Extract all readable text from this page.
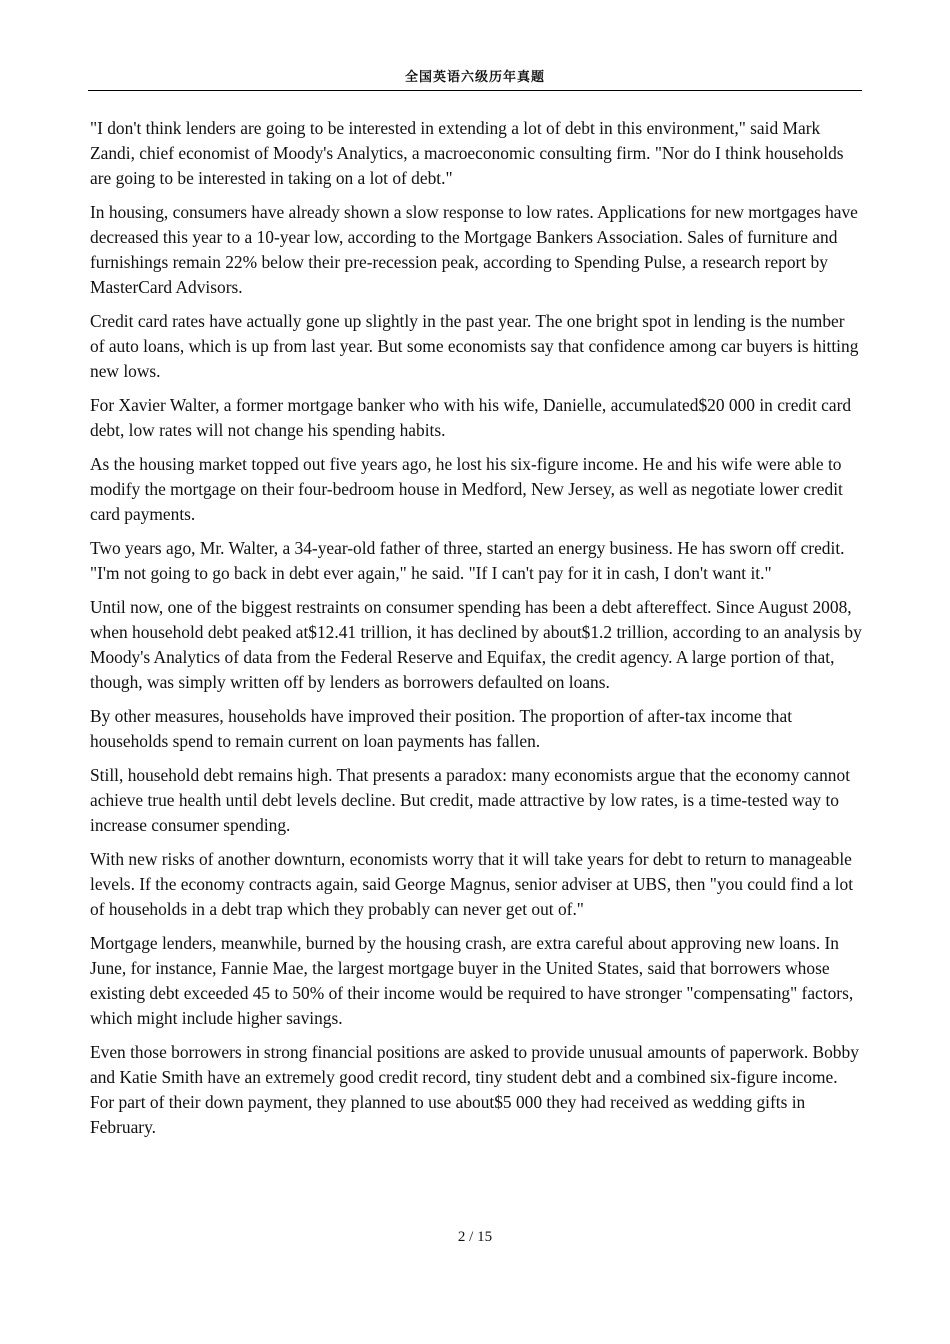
全国英语六级历年真题

"I don't think lenders are going to be interested in extending a lot of debt in this environment," said Mark Zandi, chief economist of Moody's Analytics, a macroeconomic consulting firm. "Nor do I think households are going to be interested in taking on a lot of debt."

In housing, consumers have already shown a slow response to low rates. Applications for new mortgages have decreased this year to a 10-year low, according to the Mortgage Bankers Association. Sales of furniture and furnishings remain 22% below their pre-recession peak, according to Spending Pulse, a research report by MasterCard Advisors.

Credit card rates have actually gone up slightly in the past year. The one bright spot in lending is the number of auto loans, which is up from last year. But some economists say that confidence among car buyers is hitting new lows.

For Xavier Walter, a former mortgage banker who with his wife, Danielle, accumulated$20 000 in credit card debt, low rates will not change his spending habits.

As the housing market topped out five years ago, he lost his six-figure income. He and his wife were able to modify the mortgage on their four-bedroom house in Medford, New Jersey, as well as negotiate lower credit card payments.

Two years ago, Mr. Walter, a 34-year-old father of three, started an energy business. He has sworn off credit. "I'm not going to go back in debt ever again," he said. "If I can't pay for it in cash, I don't want it."

Until now, one of the biggest restraints on consumer spending has been a debt aftereffect. Since August 2008, when household debt peaked at$12.41 trillion, it has declined by about$1.2 trillion, according to an analysis by Moody's Analytics of data from the Federal Reserve and Equifax, the credit agency. A large portion of that, though, was simply written off by lenders as borrowers defaulted on loans.

By other measures, households have improved their position. The proportion of after-tax income that households spend to remain current on loan payments has fallen.

Still, household debt remains high. That presents a paradox: many economists argue that the economy cannot achieve true health until debt levels decline. But credit, made attractive by low rates, is a time-tested way to increase consumer spending.

With new risks of another downturn, economists worry that it will take years for debt to return to manageable levels. If the economy contracts again, said George Magnus, senior adviser at UBS, then "you could find a lot of households in a debt trap which they probably can never get out of."

Mortgage lenders, meanwhile, burned by the housing crash, are extra careful about approving new loans. In June, for instance, Fannie Mae, the largest mortgage buyer in the United States, said that borrowers whose existing debt exceeded 45 to 50% of their income would be required to have stronger "compensating" factors, which might include higher savings.

Even those borrowers in strong financial positions are asked to provide unusual amounts of paperwork. Bobby and Katie Smith have an extremely good credit record, tiny student debt and a combined six-figure income. For part of their down payment, they planned to use about$5 000 they had received as wedding gifts in February.

2 / 15
